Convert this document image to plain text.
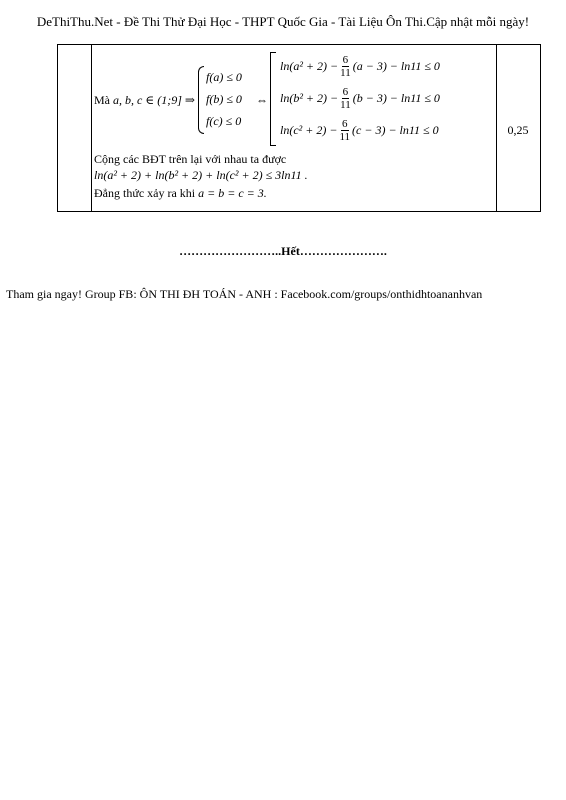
DeThiThu.Net - Đề Thi Thử Đại Học - THPT Quốc Gia - Tài Liệu Ôn Thi.Cập nhật mỗi ngày!
0,25
Mà a, b, c ∈ (1;9] ⇒
f(a) ≤ 0
f(b) ≤ 0
f(c) ≤ 0
⇔
$\ln(a^2 + 2) - \frac{6}{11} (a - 3) - \ln 11 \le 0$
$\ln(b^2 + 2) - \frac{6}{11} (b - 3) - \ln 11 \le 0$
$\ln(c^2 + 2) - \frac{6}{11} (c - 3) - \ln 11 \le 0$
Cộng các BĐT trên lại với nhau ta được
ln(a² + 2) + ln(b² + 2) + ln(c² + 2) ≤ 3ln11 .
Đẳng thức xảy ra khi a = b = c = 3.
……………………..Hết………………….
Tham gia ngay! Group FB: ÔN THI ĐH TOÁN - ANH : Facebook.com/groups/onthidhtoananhvan
